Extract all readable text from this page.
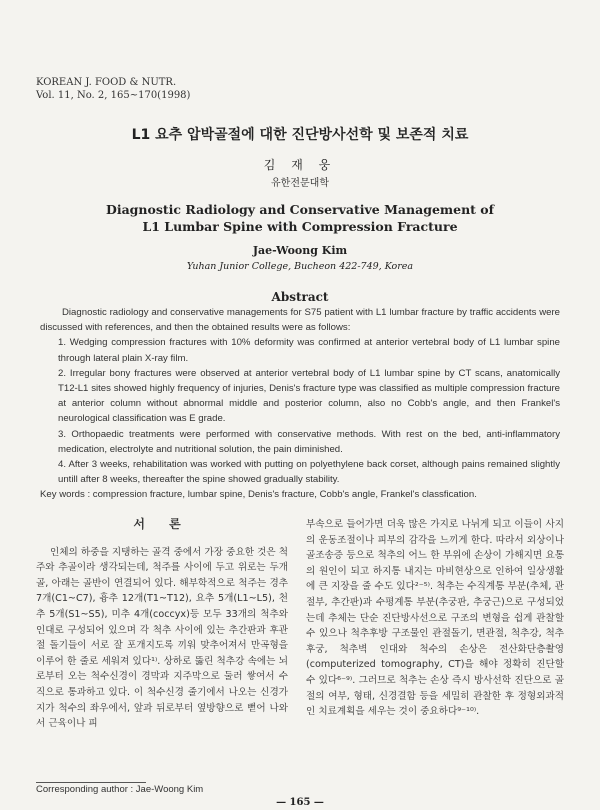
KOREAN J. FOOD & NUTR.
Vol. 11, No. 2, 165~170(1998)
L1 요추 압박골절에 대한 진단방사선학 및 보존적 치료
김 재 웅
유한전문대학
Diagnostic Radiology and Conservative Management of
L1 Lumbar Spine with Compression Fracture
Jae-Woong Kim
Yuhan Junior College, Bucheon 422-749, Korea
Abstract

Diagnostic radiology and conservative managements for S75 patient with L1 lumbar fracture by traffic accidents were discussed with references, and then the obtained results were as follows:

1. Wedging compression fractures with 10% deformity was confirmed at anterior vertebral body of L1 lumbar spine through lateral plain X-ray film.
2. Irregular bony fractures were observed at anterior vertebral body of L1 lumbar spine by CT scans, anatomically T12-L1 sites showed highly frequency of injuries, Denis's fracture type was classified as multiple compression fracture at anterior column without abnormal middle and posterior column, also no Cobb's angle, and then Frankel's neurological classification was E grade.
3. Orthopaedic treatments were performed with conservative methods. With rest on the bed, anti-inflammatory medication, electrolyte and nutritional solution, the pain diminished.
4. After 3 weeks, rehabilitation was worked with putting on polyethylene back corset, although pains remained slightly untill after 8 weeks, thereafter the spine showed gradually stability.
Key words : compression fracture, lumbar spine, Denis's fracture, Cobb's angle, Frankel's classfication.
서 론

인체의 하중을 지탱하는 골격 중에서 가장 중요한 것은 척주와 추골이라 생각되는데, 척주를 사이에 두고 위로는 두개골, 아래는 골반이 연결되어 있다. 해부학적으로 척주는 경추 7개(C1~C7), 흉추 12개(T1~T12), 요추 5개(L1~L5), 천추 5개(S1~S5), 미추 4개(coccyx)등 모두 33개의 척추와 인대로 구성되어 있으며 각 척추 사이에 있는 추간판과 후관절 돌기들이 서로 잘 포개지도록 끼워 맞추어져서 만곡형을 이루어 한 줄로 세워져 있다¹⁾. 상하로 뚫린 척추강 속에는 뇌로부터 오는 척수신경이 경막과 지주막으로 둘러 쌓여서 수직으로 통과하고 있다. 이 척수신경 줄기에서 나오는 신경가지가 척수의 좌우에서, 앞과 뒤로부터 옆방향으로 뻗어 나와서 근육이나 피

부속으로 들어가면 더욱 많은 가지로 나뉘게 되고 이들이 사지의 운동조절이나 피부의 감각을 느끼게 한다. 따라서 외상이나 골조송증 등으로 척추의 어느 한 부위에 손상이 가해지면 요통의 원인이 되고 하지통 내지는 마비현상으로 인하여 일상생활에 큰 지장을 줄 수도 있다²⁻⁵⁾. 척추는 수직계통 부분(추체, 관절부, 추간판)과 수평계통 부분(추궁판, 추궁근)으로 구성되었는데 추체는 단순 진단방사선으로 구조의 변형을 쉽게 관찰할 수 있으나 척추후방 구조물인 관절돌기, 면관절, 척추강, 척추후궁, 척추벽 인대와 척수의 손상은 전산화단층촬영(computerized tomography, CT)을 해야 정확히 진단할 수 있다⁶⁻⁹⁾. 그러므로 척추는 손상 즉시 방사선학 진단으로 골절의 여부, 형태, 신경결함 등을 세밀히 관찰한 후 정형외과적인 치료계획을 세우는 것이 중요하다⁹⁻¹⁰⁾.

Corresponding author : Jae-Woong Kim
— 165 —
